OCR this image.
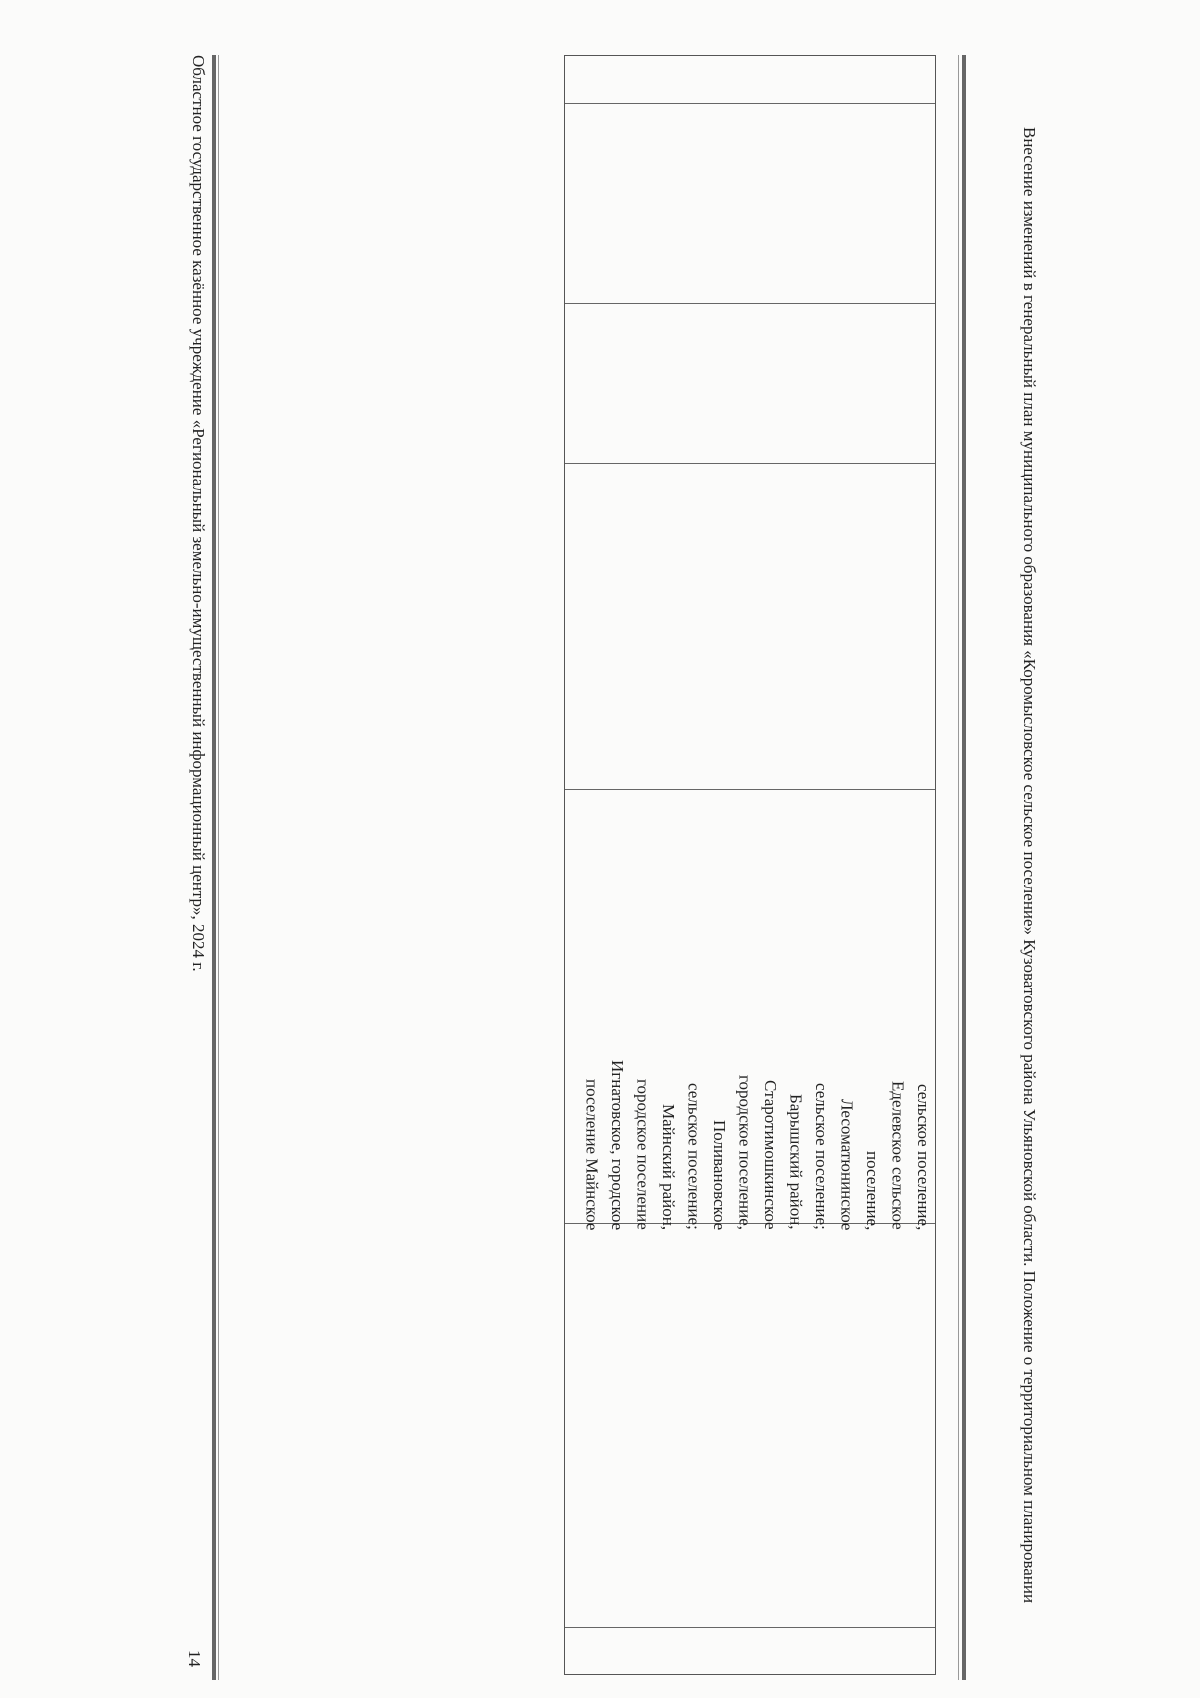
Внесение изменений в генеральный план муниципального образования «Коромысловское сельское поселение» Кузоватовского района Ульяновской области. Положение о территориальном планировании
сельское поселение,
Еделевское сельское
поселение,
Лесоматюнинское
сельское поселение;
Барышский район,
Старотимошкинское
городское поселение,
Поливановское
сельское поселение;
Майнский район,
городское поселение
Игнатовское, городское
поселение Майнское
Областное государственное казённое учреждение «Региональный земельно-имущественный информационный центр», 2024 г.
14
